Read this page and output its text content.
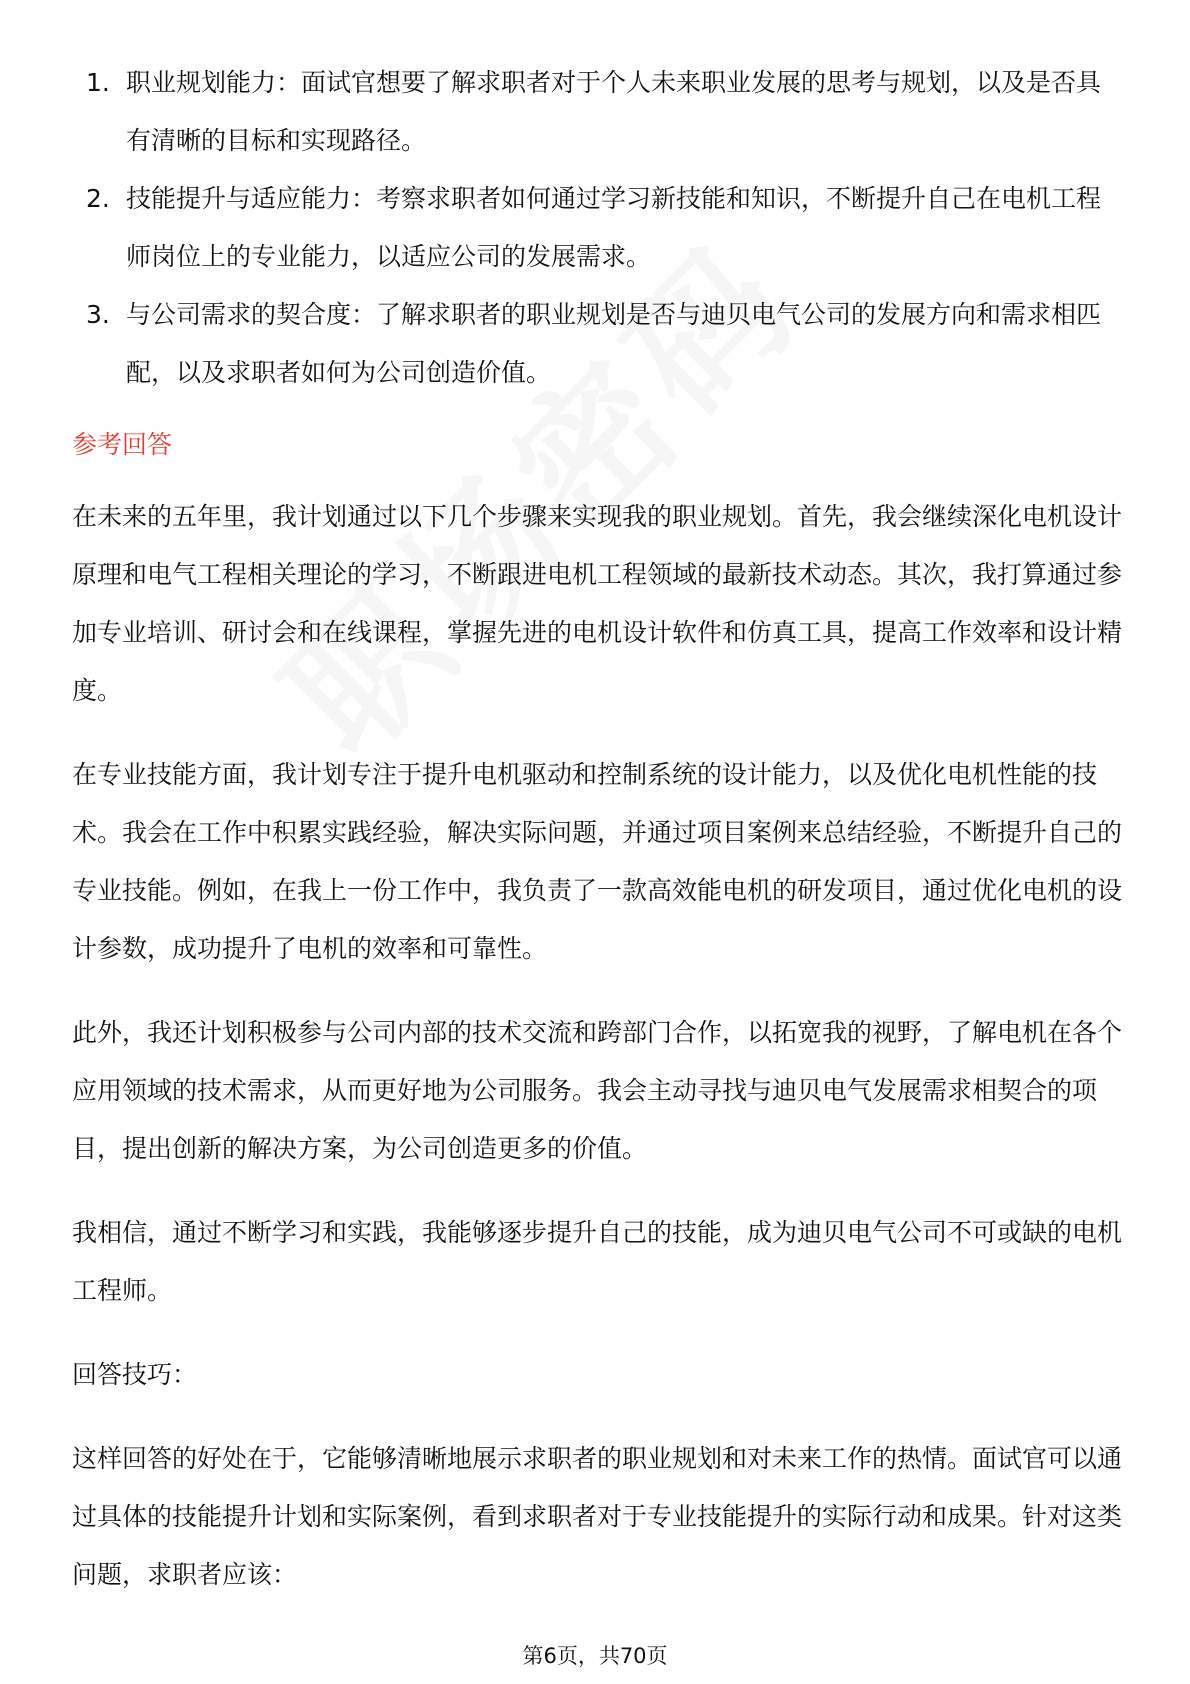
1. 职业规划能力：面试官想要了解求职者对于个人未来职业发展的思考与规划，以及是否具有清晰的目标和实现路径。
2. 技能提升与适应能力：考察求职者如何通过学习新技能和知识，不断提升自己在电机工程师岗位上的专业能力，以适应公司的发展需求。
3. 与公司需求的契合度：了解求职者的职业规划是否与迪贝电气公司的发展方向和需求相匹配，以及求职者如何为公司创造价值。
参考回答

在未来的五年里，我计划通过以下几个步骤来实现我的职业规划。首先，我会继续深化电机设计原理和电气工程相关理论的学习，不断跟进电机工程领域的最新技术动态。其次，我打算通过参加专业培训、研讨会和在线课程，掌握先进的电机设计软件和仿真工具，提高工作效率和设计精度。

在专业技能方面，我计划专注于提升电机驱动和控制系统的设计能力，以及优化电机性能的技术。我会在工作中积累实践经验，解决实际问题，并通过项目案例来总结经验，不断提升自己的专业技能。例如，在我上一份工作中，我负责了一款高效能电机的研发项目，通过优化电机的设计参数，成功提升了电机的效率和可靠性。

此外，我还计划积极参与公司内部的技术交流和跨部门合作，以拓宽我的视野，了解电机在各个应用领域的技术需求，从而更好地为公司服务。我会主动寻找与迪贝电气发展需求相契合的项目，提出创新的解决方案，为公司创造更多的价值。

我相信，通过不断学习和实践，我能够逐步提升自己的技能，成为迪贝电气公司不可或缺的电机工程师。

回答技巧：

这样回答的好处在于，它能够清晰地展示求职者的职业规划和对未来工作的热情。面试官可以通过具体的技能提升计划和实际案例，看到求职者对于专业技能提升的实际行动和成果。针对这类问题，求职者应该：

第6页，共70页
